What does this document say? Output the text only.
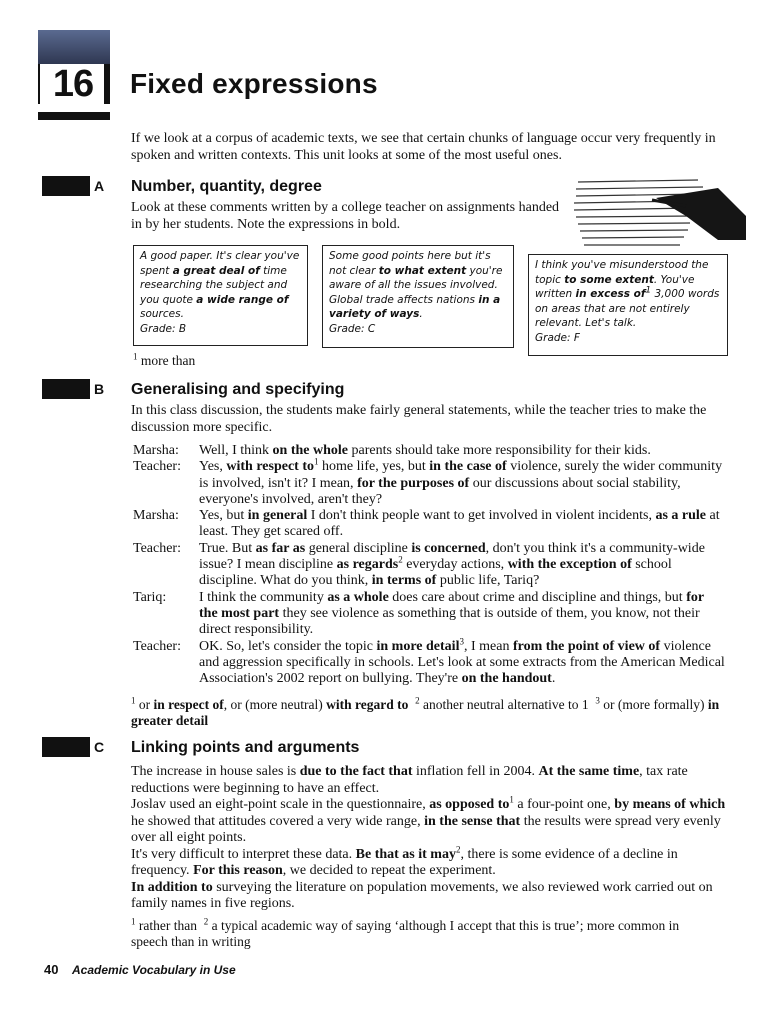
16	Fixed expressions
If we look at a corpus of academic texts, we see that certain chunks of language occur very frequently in spoken and written contexts. This unit looks at some of the most useful ones.
A Number, quantity, degree
Look at these comments written by a college teacher on assignments handed in by her students. Note the expressions in bold.
A good paper. It's clear you've spent a great deal of time researching the subject and you quote a wide range of sources.
Grade: B
Some good points here but it's not clear to what extent you're aware of all the issues involved. Global trade affects nations in a variety of ways.
Grade: C
I think you've misunderstood the topic to some extent. You've written in excess $of^1$ 3,000 words on areas that are not entirely relevant. Let's talk.
Grade: F
$^1$ more than
B Generalising and specifying
In this class discussion, the students make fairly general statements, while the teacher tries to make the discussion more specific.
Marsha:	Well, I think on the whole parents should take more responsibility for their kids.
Teacher:	Yes, with respect $to^1$ home life, yes, but in the case of violence, surely the wider community is involved, isn't it? I mean, for the purposes of our discussions about social stability, everyone's involved, aren't they?
Marsha:	Yes, but in general I don't think people want to get involved in violent incidents, as a rule at least. They get scared off.
Teacher:	True. But as far as general discipline is concerned, don't you think it's a community-wide issue? I mean discipline as regards$^2$ everyday actions, with the exception of school discipline. What do you think, in terms of public life, Tariq?
Tariq:	I think the community as a whole does care about crime and discipline and things, but for the most part they see violence as something that is outside of them, you know, not their direct responsibility.
Teacher:	OK. So, let's consider the topic in more detail$^3$, I mean from the point of view of violence and aggression specifically in schools. Let's look at some extracts from the American Medical Association's 2002 report on bullying. They're on the handout.
$^1$ or in respect of, or (more neutral) with regard to $^2$ another neutral alternative to 1  $^3$ or (more formally) in greater detail
C Linking points and arguments
The increase in house sales is due to the fact that inflation fell in 2004. At the same time, tax rate reductions were beginning to have an effect.
Joslav used an eight-point scale in the questionnaire, as opposed $to^1$ a four-point one, by means of which he showed that attitudes covered a very wide range, in the sense that the results were spread very evenly over all eight points.
It's very difficult to interpret these data. Be that as it may$^2$, there is some evidence of a decline in frequency. For this reason, we decided to repeat the experiment.
In addition to surveying the literature on population movements, we also reviewed work carried out on family names in five regions.
$^1$ rather than  $^2$ a typical academic way of saying ‘although I accept that this is true’; more common in speech than in writing
40 Academic Vocabulary in Use
